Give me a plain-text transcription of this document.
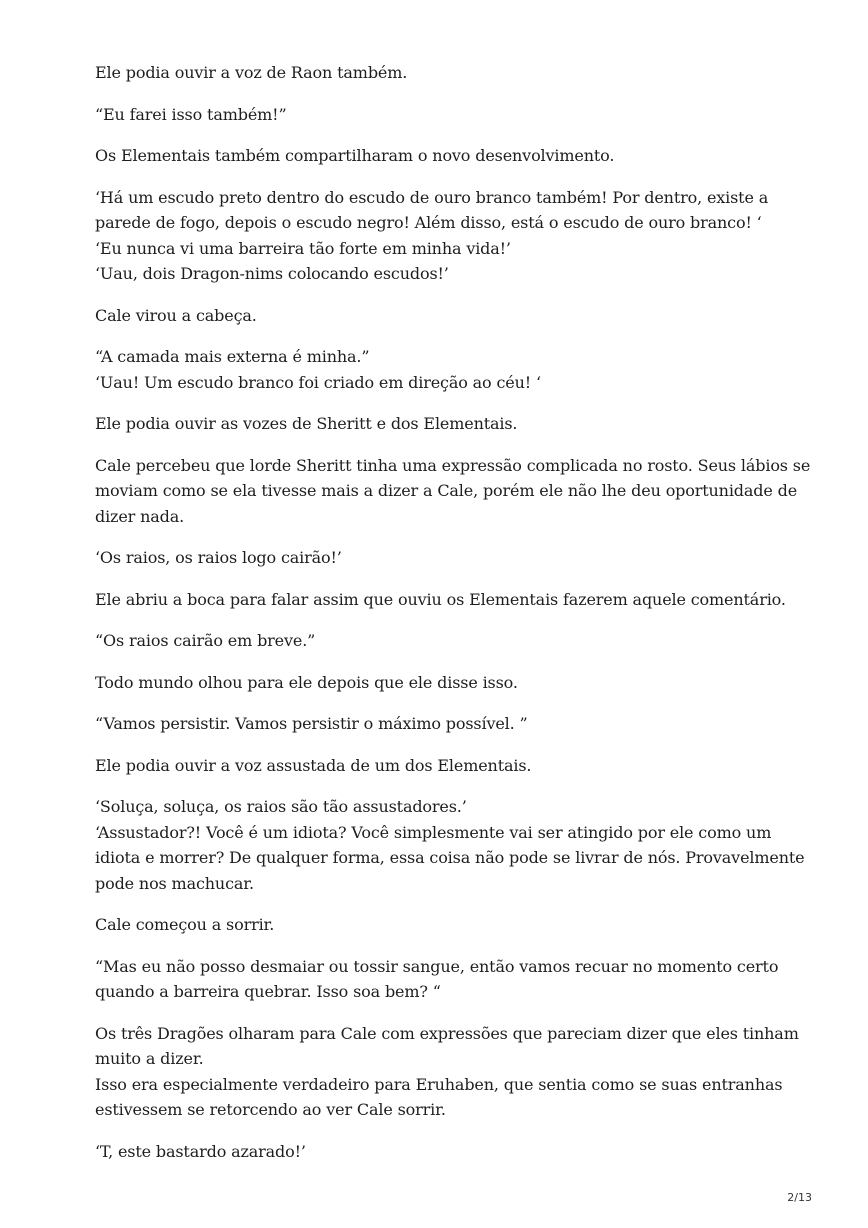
Ele podia ouvir a voz de Raon também.

“Eu farei isso também!”

Os Elementais também compartilharam o novo desenvolvimento.

‘Há um escudo preto dentro do escudo de ouro branco também! Por dentro, existe a
parede de fogo, depois o escudo negro! Além disso, está o escudo de ouro branco! ‘
‘Eu nunca vi uma barreira tão forte em minha vida!’
‘Uau, dois Dragon-nims colocando escudos!’

Cale virou a cabeça.

“A camada mais externa é minha.”
‘Uau! Um escudo branco foi criado em direção ao céu! ‘

Ele podia ouvir as vozes de Sheritt e dos Elementais.

Cale percebeu que lorde Sheritt tinha uma expressão complicada no rosto. Seus lábios se
moviam como se ela tivesse mais a dizer a Cale, porém ele não lhe deu oportunidade de
dizer nada.

‘Os raios, os raios logo cairão!’

Ele abriu a boca para falar assim que ouviu os Elementais fazerem aquele comentário.

“Os raios cairão em breve.”

Todo mundo olhou para ele depois que ele disse isso.

“Vamos persistir. Vamos persistir o máximo possível. ”

Ele podia ouvir a voz assustada de um dos Elementais.

‘Soluça, soluça, os raios são tão assustadores.’
‘Assustador?! Você é um idiota? Você simplesmente vai ser atingido por ele como um
idiota e morrer? De qualquer forma, essa coisa não pode se livrar de nós. Provavelmente
pode nos machucar.

Cale começou a sorrir.

“Mas eu não posso desmaiar ou tossir sangue, então vamos recuar no momento certo
quando a barreira quebrar. Isso soa bem? “

Os três Dragões olharam para Cale com expressões que pareciam dizer que eles tinham
muito a dizer.
Isso era especialmente verdadeiro para Eruhaben, que sentia como se suas entranhas
estivessem se retorcendo ao ver Cale sorrir.

‘T, este bastardo azarado!’

2/13
